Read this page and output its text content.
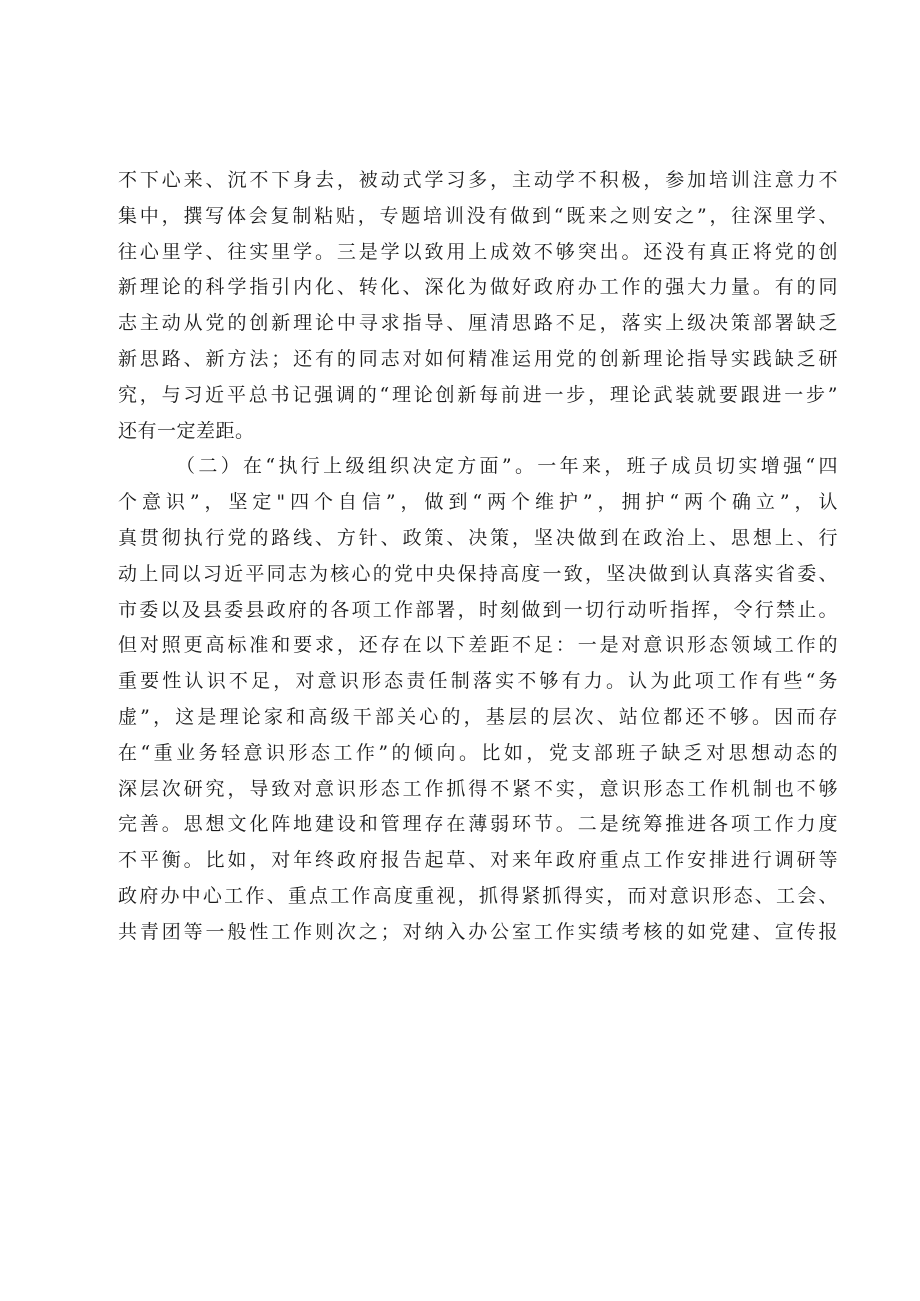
不下心来、沉不下身去，被动式学习多，主动学不积极，参加培训注意力不
集中，撰写体会复制粘贴，专题培训没有做到“既来之则安之”，往深里学、
往心里学、往实里学。三是学以致用上成效不够突出。还没有真正将党的创
新理论的科学指引内化、转化、深化为做好政府办工作的强大力量。有的同
志主动从党的创新理论中寻求指导、厘清思路不足，落实上级决策部署缺乏
新思路、新方法；还有的同志对如何精准运用党的创新理论指导实践缺乏研
究，与习近平总书记强调的“理论创新每前进一步，理论武装就要跟进一步”
还有一定差距。
（二）在“执行上级组织决定方面”。一年来，班子成员切实增强“四
个意识”，坚定"四个自信”，做到“两个维护”，拥护“两个确立”，认
真贯彻执行党的路线、方针、政策、决策，坚决做到在政治上、思想上、行
动上同以习近平同志为核心的党中央保持高度一致，坚决做到认真落实省委、
市委以及县委县政府的各项工作部署，时刻做到一切行动听指挥，令行禁止。
但对照更高标准和要求，还存在以下差距不足：一是对意识形态领域工作的
重要性认识不足，对意识形态责任制落实不够有力。认为此项工作有些“务
虚”，这是理论家和高级干部关心的，基层的层次、站位都还不够。因而存
在“重业务轻意识形态工作”的倾向。比如，党支部班子缺乏对思想动态的
深层次研究，导致对意识形态工作抓得不紧不实，意识形态工作机制也不够
完善。思想文化阵地建设和管理存在薄弱环节。二是统筹推进各项工作力度
不平衡。比如，对年终政府报告起草、对来年政府重点工作安排进行调研等
政府办中心工作、重点工作高度重视，抓得紧抓得实，而对意识形态、工会、
共青团等一般性工作则次之；对纳入办公室工作实绩考核的如党建、宣传报
